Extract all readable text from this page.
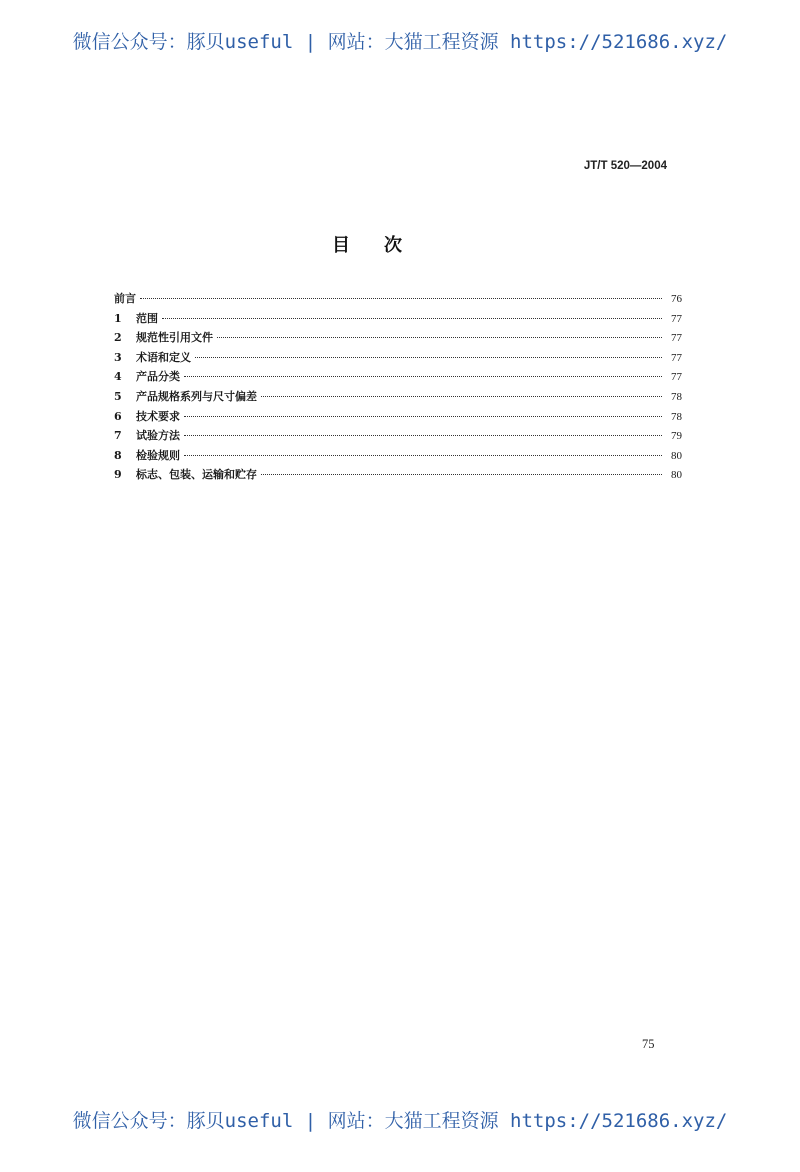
微信公众号：豚贝useful | 网站：大猫工程资源 https://521686.xyz/
JT/T 520—2004
目次
前言	76
1	范围	77
2	规范性引用文件	77
3	术语和定义	77
4	产品分类	77
5	产品规格系列与尺寸偏差	78
6	技术要求	78
7	试验方法	79
8	检验规则	80
9	标志、包装、运输和贮存	80
75
微信公众号：豚贝useful | 网站：大猫工程资源 https://521686.xyz/
